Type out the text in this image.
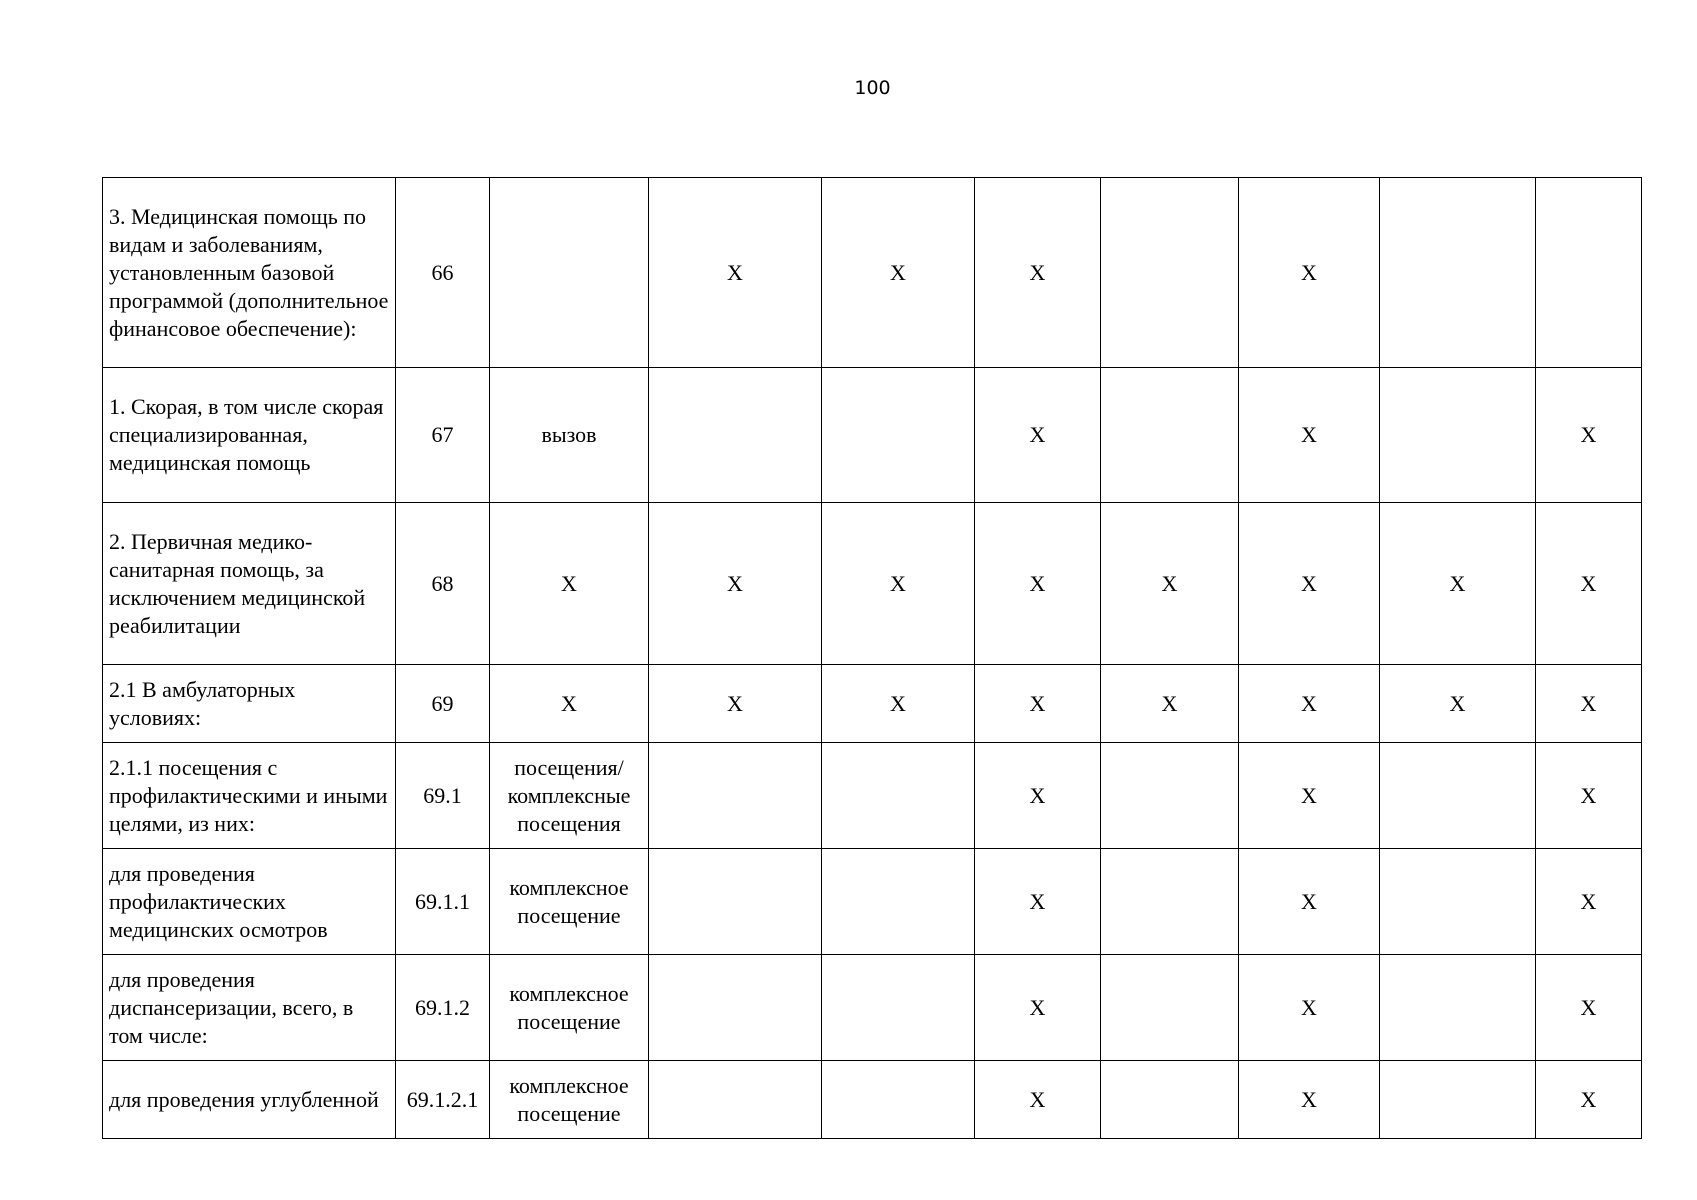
100
3. Медицинская помощь по видам и заболеваниям, установленным базовой программой (дополнительное финансовое обеспечение):	66		Х	Х	Х		Х		
1. Скорая, в том числе скорая специализированная, медицинская помощь	67	вызов			Х		Х		Х
2. Первичная медико-санитарная помощь, за исключением медицинской реабилитации	68	Х	Х	Х	Х	Х	Х	Х	Х
2.1 В амбулаторных условиях:	69	Х	Х	Х	Х	Х	Х	Х	Х
2.1.1 посещения с профилактическими и иными целями, из них:	69.1	посещения/комплексные посещения			Х		Х		Х
для проведения профилактических медицинских осмотров	69.1.1	комплексное посещение			Х		Х		Х
для проведения диспансеризации, всего, в том числе:	69.1.2	комплексное посещение			Х		Х		Х
для проведения углубленной	69.1.2.1	комплексное посещение			Х		Х		Х
